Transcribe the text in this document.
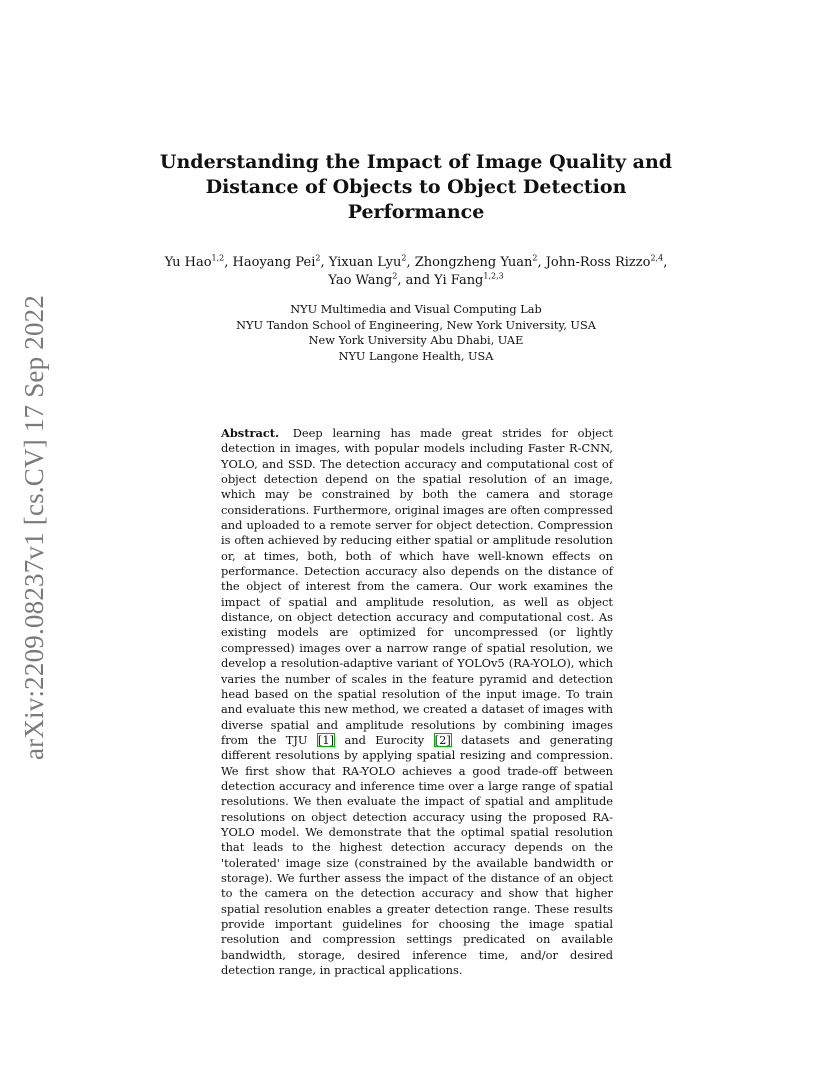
arXiv:2209.08237v1 [cs.CV] 17 Sep 2022
Understanding the Impact of Image Quality and Distance of Objects to Object Detection Performance
Yu Hao$^{1,2}$, Haoyang Pei$^2$, Yixuan Lyu$^2$, Zhongzheng Yuan$^2$, John-Ross Rizzo$^{2,4}$, Yao Wang$^2$, and Yi Fang$^{1,2,3}$
NYU Multimedia and Visual Computing Lab
NYU Tandon School of Engineering, New York University, USA
New York University Abu Dhabi, UAE
NYU Langone Health, USA

Abstract. Deep learning has made great strides for object detection in images, with popular models including Faster R-CNN, YOLO, and SSD. The detection accuracy and computational cost of object detection depend on the spatial resolution of an image, which may be constrained by both the camera and storage considerations. Furthermore, original images are often compressed and uploaded to a remote server for object detection. Compression is often achieved by reducing either spatial or amplitude resolution or, at times, both, both of which have well-known effects on performance. Detection accuracy also depends on the distance of the object of interest from the camera. Our work examines the impact of spatial and amplitude resolution, as well as object distance, on object detection accuracy and computational cost. As existing models are optimized for uncompressed (or lightly compressed) images over a narrow range of spatial resolution, we develop a resolution-adaptive variant of YOLOv5 (RA-YOLO), which varies the number of scales in the feature pyramid and detection head based on the spatial resolution of the input image. To train and evaluate this new method, we created a dataset of images with diverse spatial and amplitude resolutions by combining images from the TJU [1] and Eurocity [2] datasets and generating different resolutions by applying spatial resizing and compression. We first show that RA-YOLO achieves a good trade-off between detection accuracy and inference time over a large range of spatial resolutions. We then evaluate the impact of spatial and amplitude resolutions on object detection accuracy using the proposed RA-YOLO model. We demonstrate that the optimal spatial resolution that leads to the highest detection accuracy depends on the 'tolerated' image size (constrained by the available bandwidth or storage). We further assess the impact of the distance of an object to the camera on the detection accuracy and show that higher spatial resolution enables a greater detection range. These results provide important guidelines for choosing the image spatial resolution and compression settings predicated on available bandwidth, storage, desired inference time, and/or desired detection range, in practical applications.
